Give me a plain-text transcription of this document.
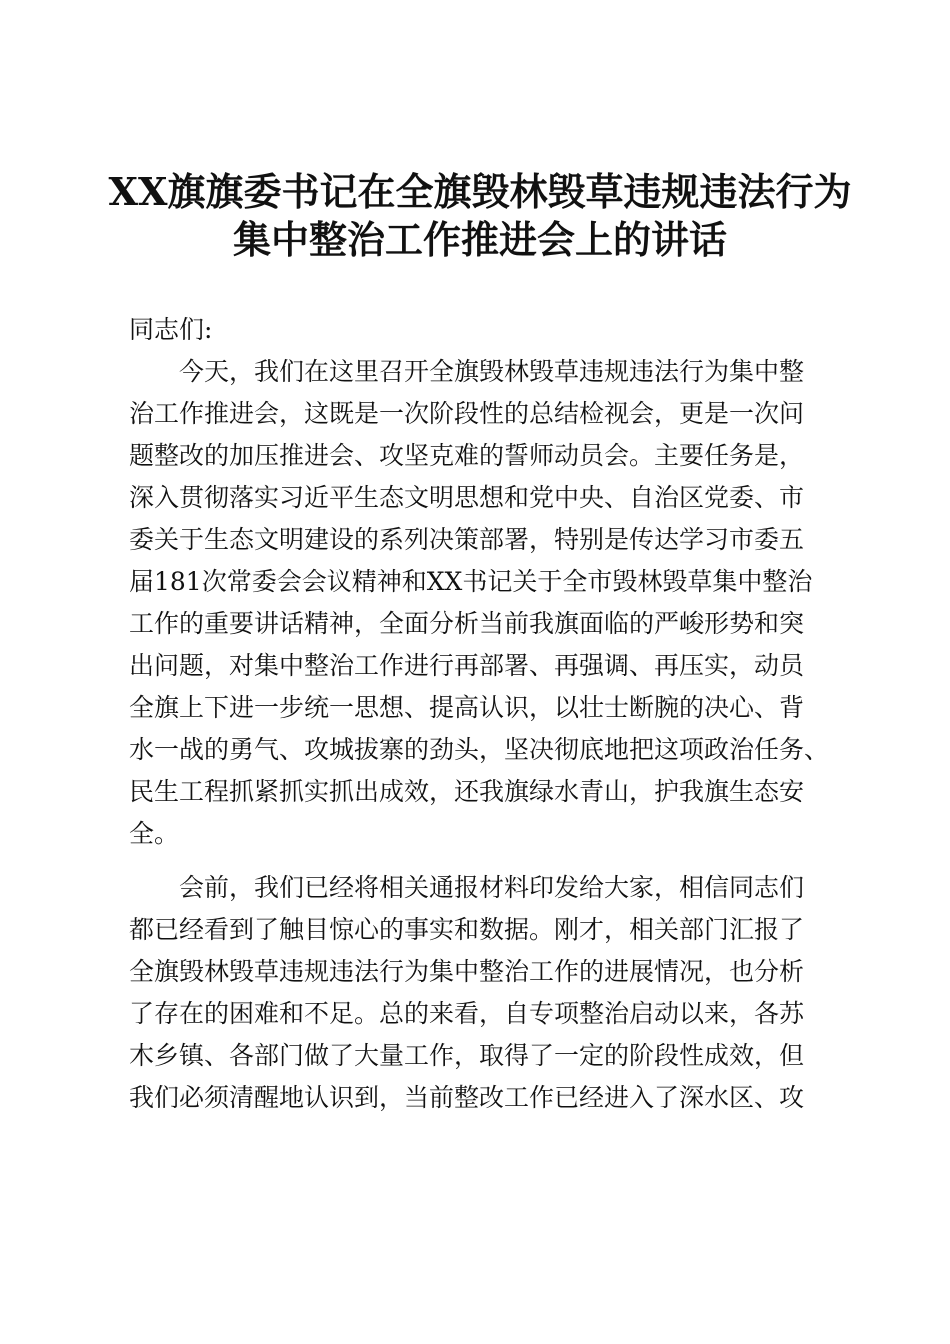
XX旗旗委书记在全旗毁林毁草违规违法行为
集中整治工作推进会上的讲话

同志们:

今天，我们在这里召开全旗毁林毁草违规违法行为集中整
治工作推进会，这既是一次阶段性的总结检视会，更是一次问
题整改的加压推进会、攻坚克难的誓师动员会。主要任务是，
深入贯彻落实习近平生态文明思想和党中央、自治区党委、市
委关于生态文明建设的系列决策部署，特别是传达学习市委五
届181次常委会会议精神和XX书记关于全市毁林毁草集中整治
工作的重要讲话精神，全面分析当前我旗面临的严峻形势和突
出问题，对集中整治工作进行再部署、再强调、再压实，动员
全旗上下进一步统一思想、提高认识，以壮士断腕的决心、背
水一战的勇气、攻城拔寨的劲头，坚决彻底地把这项政治任务、
民生工程抓紧抓实抓出成效，还我旗绿水青山，护我旗生态安
全。

会前，我们已经将相关通报材料印发给大家，相信同志们
都已经看到了触目惊心的事实和数据。刚才，相关部门汇报了
全旗毁林毁草违规违法行为集中整治工作的进展情况，也分析
了存在的困难和不足。总的来看，自专项整治启动以来，各苏
木乡镇、各部门做了大量工作，取得了一定的阶段性成效，但
我们必须清醒地认识到，当前整改工作已经进入了深水区、攻
